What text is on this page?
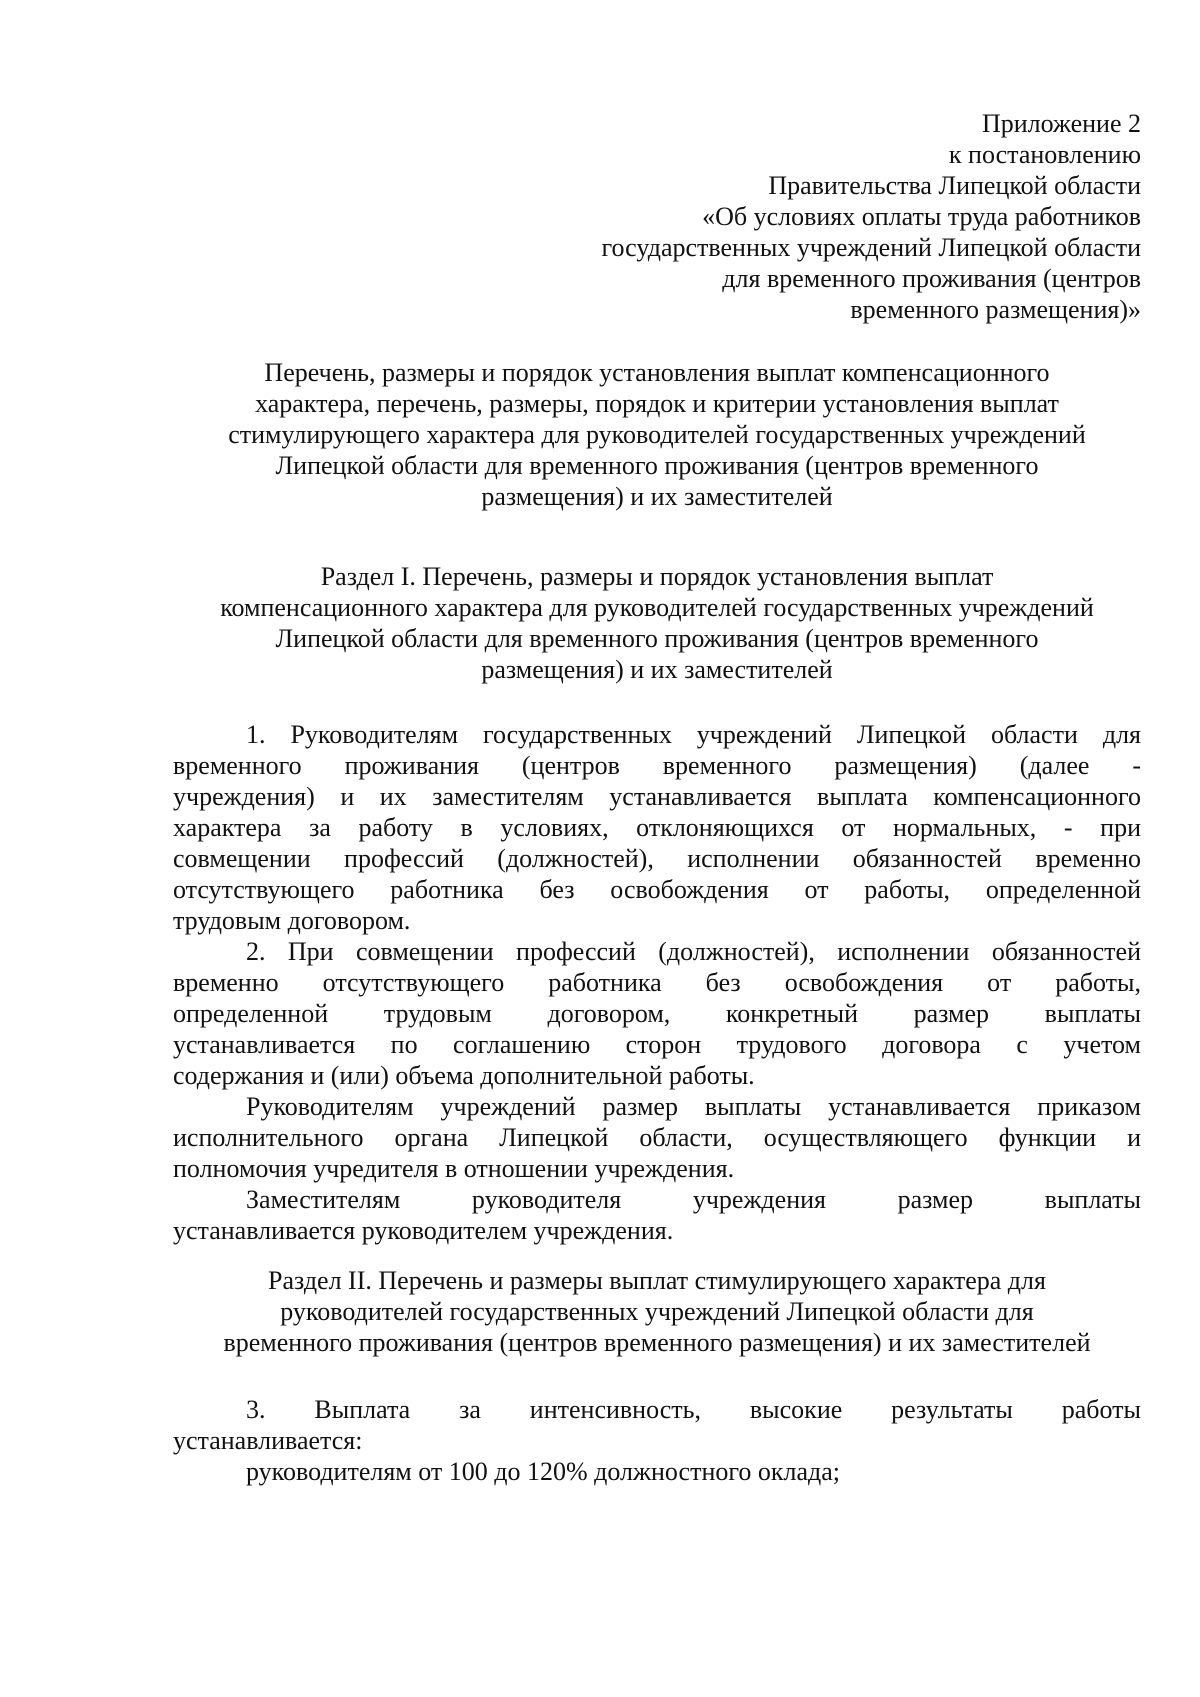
Приложение 2
к постановлению
Правительства Липецкой области
«Об условиях оплаты труда работников
государственных учреждений Липецкой области
для временного проживания (центров
временного размещения)»
Перечень, размеры и порядок установления выплат компенсационного
характера, перечень, размеры, порядок и критерии установления выплат
стимулирующего характера для руководителей государственных учреждений
Липецкой области для временного проживания (центров временного
размещения) и их заместителей
Раздел I. Перечень, размеры и порядок установления выплат
компенсационного характера для руководителей государственных учреждений
Липецкой области для временного проживания (центров временного
размещения) и их заместителей
1. Руководителям государственных учреждений Липецкой области для
временного проживания (центров временного размещения) (далее -
учреждения) и их заместителям устанавливается выплата компенсационного
характера за работу в условиях, отклоняющихся от нормальных, - при
совмещении профессий (должностей), исполнении обязанностей временно
отсутствующего работника без освобождения от работы, определенной
трудовым договором.
2. При совмещении профессий (должностей), исполнении обязанностей
временно отсутствующего работника без освобождения от работы,
определенной трудовым договором, конкретный размер выплаты
устанавливается по соглашению сторон трудового договора с учетом
содержания и (или) объема дополнительной работы.
Руководителям учреждений размер выплаты устанавливается приказом
исполнительного органа Липецкой области, осуществляющего функции и
полномочия учредителя в отношении учреждения.
Заместителям руководителя учреждения размер выплаты
устанавливается руководителем учреждения.
Раздел II. Перечень и размеры выплат стимулирующего характера для
руководителей государственных учреждений Липецкой области для
временного проживания (центров временного размещения) и их заместителей
3. Выплата за интенсивность, высокие результаты работы
устанавливается:
руководителям от 100 до 120% должностного оклада;
